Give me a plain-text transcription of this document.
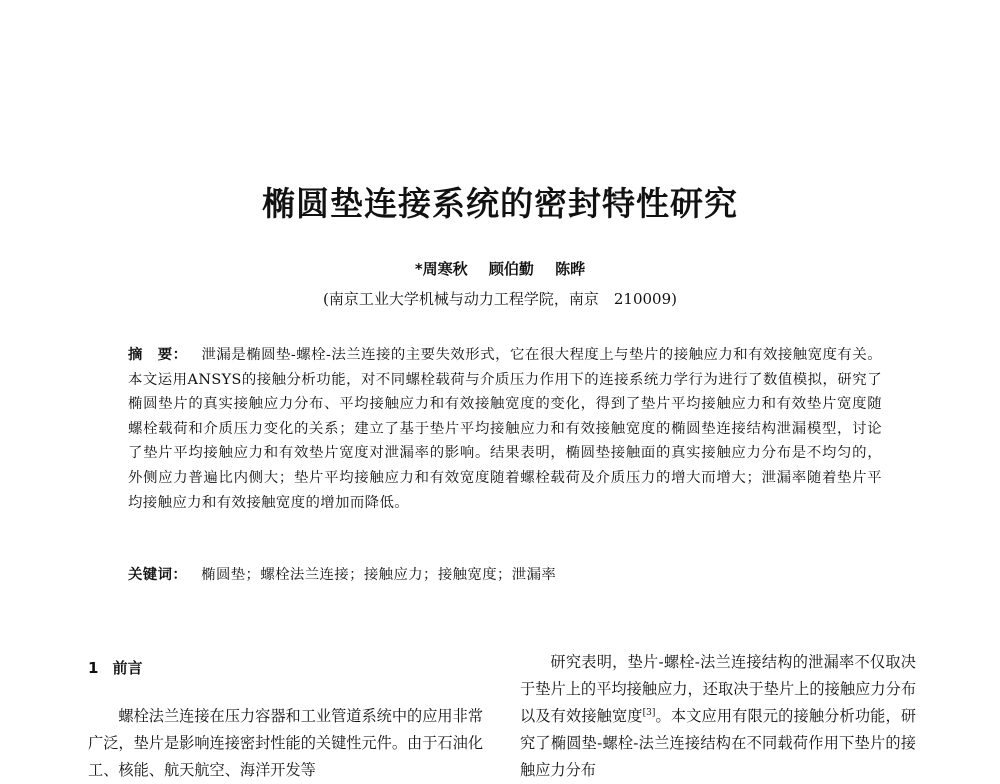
椭圆垫连接系统的密封特性研究
*周寒秋 顾伯勤 陈晔
(南京工业大学机械与动力工程学院，南京　210009)
摘　要： 泄漏是椭圆垫-螺栓-法兰连接的主要失效形式，它在很大程度上与垫片的接触应力和有效接触宽度有关。本文运用ANSYS的接触分析功能，对不同螺栓载荷与介质压力作用下的连接系统力学行为进行了数值模拟，研究了椭圆垫片的真实接触应力分布、平均接触应力和有效接触宽度的变化，得到了垫片平均接触应力和有效垫片宽度随螺栓载荷和介质压力变化的关系；建立了基于垫片平均接触应力和有效接触宽度的椭圆垫连接结构泄漏模型，讨论了垫片平均接触应力和有效垫片宽度对泄漏率的影响。结果表明，椭圆垫接触面的真实接触应力分布是不均匀的，外侧应力普遍比内侧大；垫片平均接触应力和有效宽度随着螺栓载荷及介质压力的增大而增大；泄漏率随着垫片平均接触应力和有效接触宽度的增加而降低。
关键词： 椭圆垫；螺栓法兰连接；接触应力；接触宽度；泄漏率
1 前言

螺栓法兰连接在压力容器和工业管道系统中的应用非常广泛，垫片是影响连接密封性能的关键性元件。由于石油化工、核能、航天航空、海洋开发等

研究表明，垫片-螺栓-法兰连接结构的泄漏率不仅取决于垫片上的平均接触应力，还取决于垫片上的接触应力分布以及有效接触宽度[3]。本文应用有限元的接触分析功能，研究了椭圆垫-螺栓-法兰连接结构在不同载荷作用下垫片的接触应力分布
